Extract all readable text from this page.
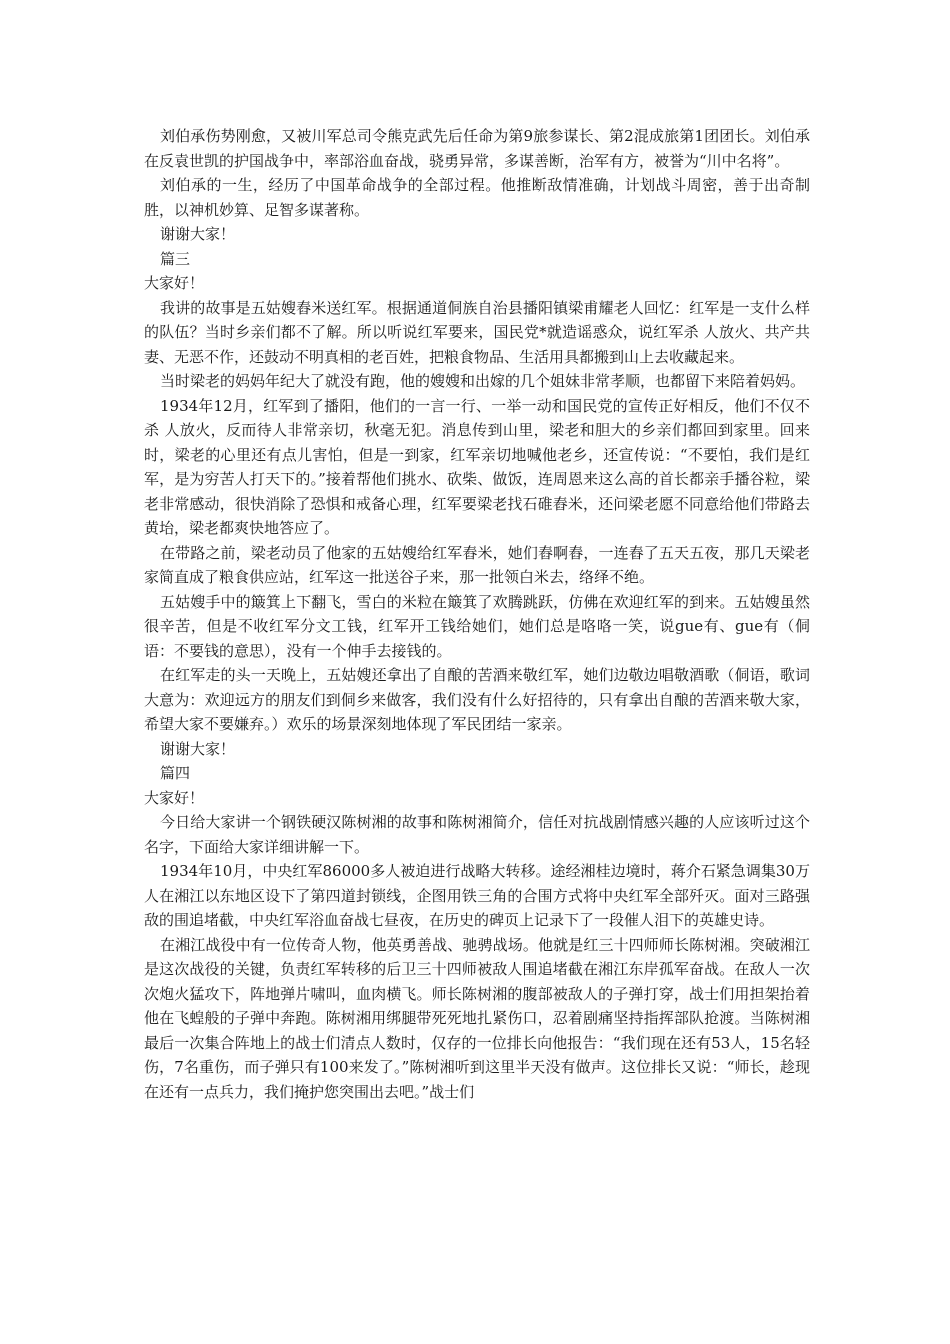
刘伯承伤势刚愈，又被川军总司令熊克武先后任命为第9旅参谋长、第2混成旅第1团团长。刘伯承在反袁世凯的护国战争中，率部浴血奋战，骁勇异常，多谋善断，治军有方，被誉为“川中名将”。

刘伯承的一生，经历了中国革命战争的全部过程。他推断敌情准确，计划战斗周密，善于出奇制胜，以神机妙算、足智多谋著称。

谢谢大家！

篇三

大家好！

我讲的故事是五姑嫂舂米送红军。根据通道侗族自治县播阳镇梁甫耀老人回忆：红军是一支什么样的队伍？当时乡亲们都不了解。所以听说红军要来，国民党*就造谣惑众，说红军杀 人放火、共产共妻、无恶不作，还鼓动不明真相的老百姓，把粮食物品、生活用具都搬到山上去收藏起来。

当时梁老的妈妈年纪大了就没有跑，他的嫂嫂和出嫁的几个姐妹非常孝顺，也都留下来陪着妈妈。

1934年12月，红军到了播阳，他们的一言一行、一举一动和国民党的宣传正好相反，他们不仅不杀 人放火，反而待人非常亲切，秋毫无犯。消息传到山里，梁老和胆大的乡亲们都回到家里。回来时，梁老的心里还有点儿害怕，但是一到家，红军亲切地喊他老乡，还宣传说：“不要怕，我们是红军，是为穷苦人打天下的。”接着帮他们挑水、砍柴、做饭，连周恩来这么高的首长都亲手播谷粒，梁老非常感动，很快消除了恐惧和戒备心理，红军要梁老找石碓舂米，还问梁老愿不同意给他们带路去黄坮，梁老都爽快地答应了。

在带路之前，梁老动员了他家的五姑嫂给红军舂米，她们舂啊舂，一连舂了五天五夜，那几天梁老家简直成了粮食供应站，红军这一批送谷子来，那一批领白米去，络绎不绝。

五姑嫂手中的簸箕上下翻飞，雪白的米粒在簸箕了欢腾跳跃，仿佛在欢迎红军的到来。五姑嫂虽然很辛苦，但是不收红军分文工钱，红军开工钱给她们，她们总是咯咯一笑，说gue有、gue有（侗语：不要钱的意思），没有一个伸手去接钱的。

在红军走的头一天晚上，五姑嫂还拿出了自酿的苦酒来敬红军，她们边敬边唱敬酒歌（侗语，歌词大意为：欢迎远方的朋友们到侗乡来做客，我们没有什么好招待的，只有拿出自酿的苦酒来敬大家，希望大家不要嫌弃。）欢乐的场景深刻地体现了军民团结一家亲。

谢谢大家！

篇四

大家好！

今日给大家讲一个钢铁硬汉陈树湘的故事和陈树湘简介，信任对抗战剧情感兴趣的人应该听过这个名字，下面给大家详细讲解一下。

1934年10月，中央红军86000多人被迫进行战略大转移。途经湘桂边境时，蒋介石紧急调集30万人在湘江以东地区设下了第四道封锁线，企图用铁三角的合围方式将中央红军全部歼灭。面对三路强敌的围追堵截，中央红军浴血奋战七昼夜，在历史的碑页上记录下了一段催人泪下的英雄史诗。

在湘江战役中有一位传奇人物，他英勇善战、驰骋战场。他就是红三十四师师长陈树湘。突破湘江是这次战役的关键，负责红军转移的后卫三十四师被敌人围追堵截在湘江东岸孤军奋战。在敌人一次次炮火猛攻下，阵地弹片啸叫，血肉横飞。师长陈树湘的腹部被敌人的子弹打穿，战士们用担架抬着他在飞蝗般的子弹中奔跑。陈树湘用绑腿带死死地扎紧伤口，忍着剧痛坚持指挥部队抢渡。当陈树湘最后一次集合阵地上的战士们清点人数时，仅存的一位排长向他报告：“我们现在还有53人，15名轻伤，7名重伤，而子弹只有100来发了。”陈树湘听到这里半天没有做声。这位排长又说：“师长，趁现在还有一点兵力，我们掩护您突围出去吧。”战士们
